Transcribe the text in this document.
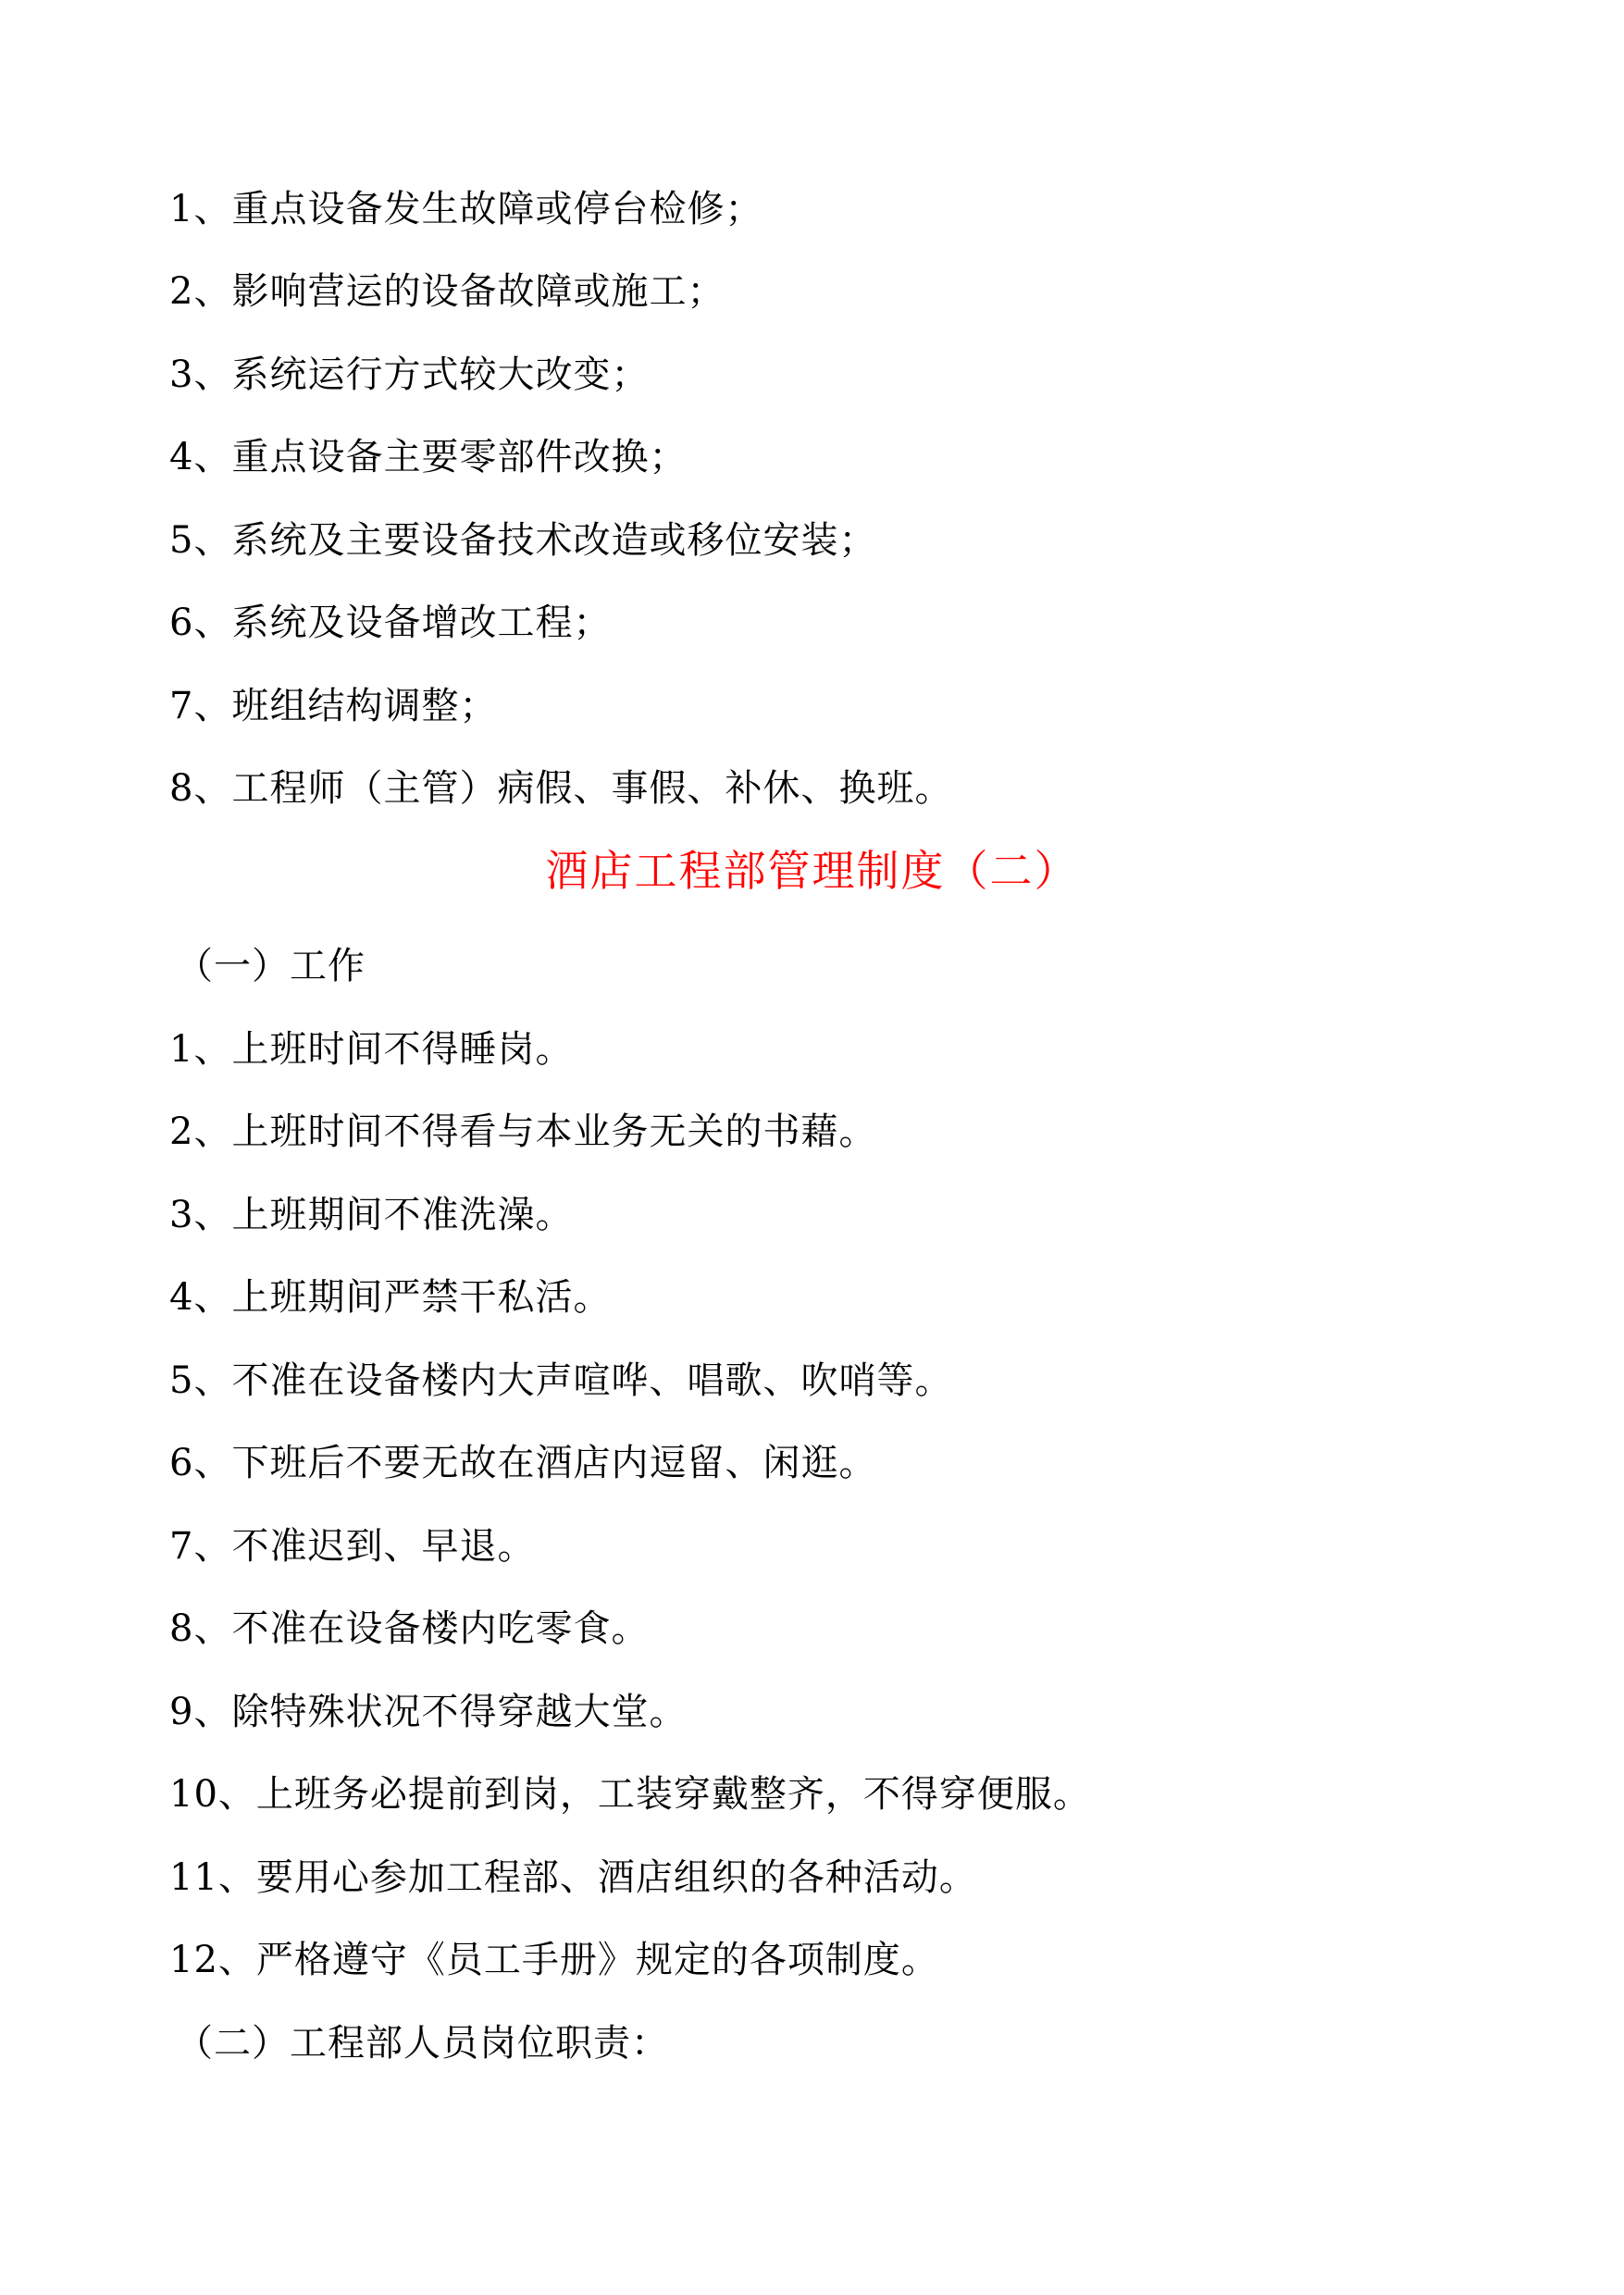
1、重点设备发生故障或停台检修；
2、影响营运的设备故障或施工；
3、系统运行方式较大改变；
4、重点设备主要零部件改换；
5、系统及主要设备技术改造或移位安装；
6、系统及设备增改工程；
7、班组结构调整；
8、工程师（主管）病假、事假、补休、换班。
酒店工程部管理制度（二）
（一）工作
1、上班时间不得睡岗。
2、上班时间不得看与本业务无关的书藉。
3、上班期间不准洗澡。
4、上班期间严禁干私活。
5、不准在设备楼内大声喧哗、唱歌、吹哨等。
6、下班后不要无故在酒店内逗留、闲逛。
7、不准迟到、早退。
8、不准在设备楼内吃零食。
9、除特殊状况不得穿越大堂。
10、上班务必提前到岗，工装穿戴整齐，不得穿便服。
11、要用心参加工程部、酒店组织的各种活动。
12、严格遵守《员工手册》规定的各项制度。
（二）工程部人员岗位职责：
